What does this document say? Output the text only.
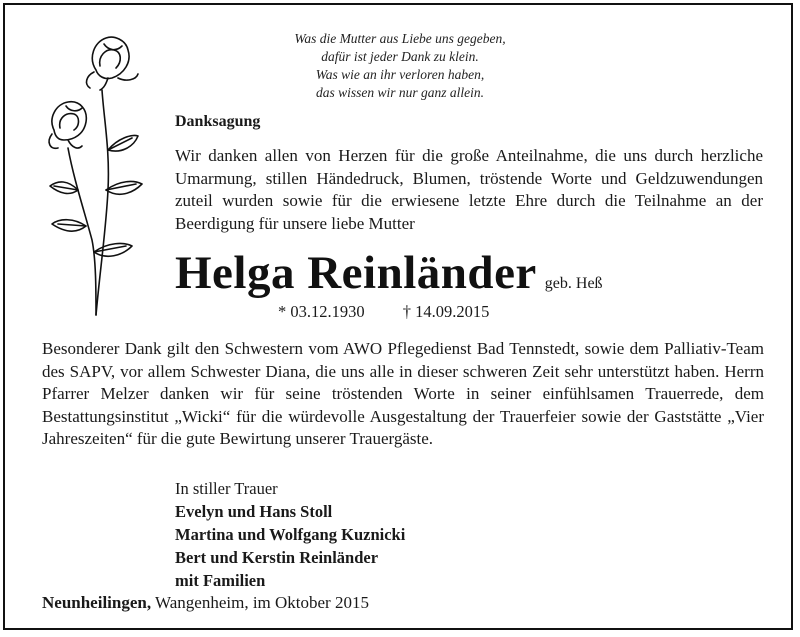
Was die Mutter aus Liebe uns gegeben,
dafür ist jeder Dank zu klein.
Was wie an ihr verloren haben,
das wissen wir nur ganz allein.
Danksagung
Wir danken allen von Herzen für die große Anteilnahme, die uns durch herzliche Umarmung, stillen Händedruck, Blumen, tröstende Worte und Geldzuwendungen zuteil wurden sowie für die erwiesene letzte Ehre durch die Teilnahme an der Beerdigung für unsere liebe Mutter
Helga Reinländer geb. Heß
* 03.12.1930 † 14.09.2015
Besonderer Dank gilt den Schwestern vom AWO Pflegedienst Bad Tennstedt, sowie dem Palliativ-Team des SAPV, vor allem Schwester Diana, die uns alle in dieser schweren Zeit sehr unterstützt haben. Herrn Pfarrer Melzer danken wir für seine tröstenden Worte in seiner einfühlsamen Trauerrede, dem Bestattungsinstitut „Wicki“ für die würdevolle Ausgestaltung der Trauerfeier sowie der Gaststätte „Vier Jahreszeiten“ für die gute Bewirtung unserer Trauergäste.
In stiller Trauer
Evelyn und Hans Stoll
Martina und Wolfgang Kuznicki
Bert und Kerstin Reinländer
mit Familien
Neunheilingen, Wangenheim, im Oktober 2015
